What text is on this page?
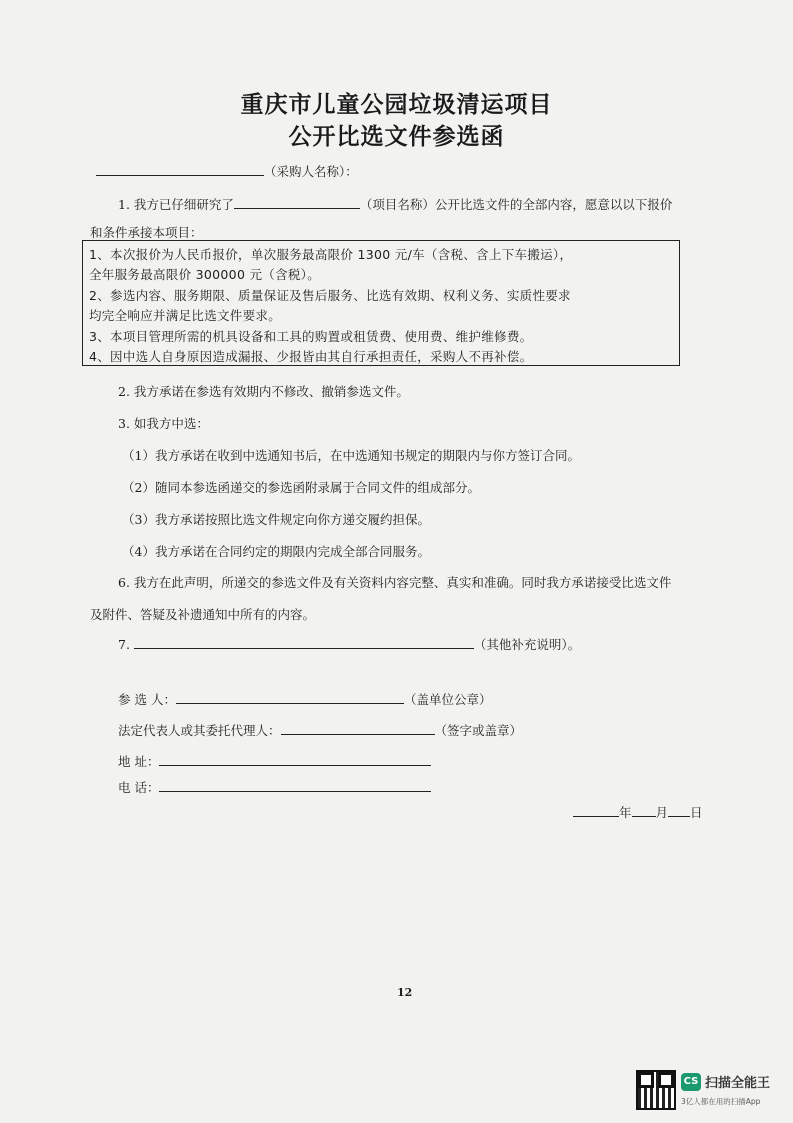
重庆市儿童公园垃圾清运项目
公开比选文件参选函
（采购人名称）：
1. 我方已仔细研究了	（项目名称）公开比选文件的全部内容，愿意以以下报价
和条件承接本项目：
1、本次报价为人民币报价，单次服务最高限价 1300 元/车（含税、含上下车搬运），
全年服务最高限价 300000 元（含税）。
2、参选内容、服务期限、质量保证及售后服务、比选有效期、权利义务、实质性要求
均完全响应并满足比选文件要求。
3、本项目管理所需的机具设备和工具的购置或租赁费、使用费、维护维修费。
4、因中选人自身原因造成漏报、少报皆由其自行承担责任，采购人不再补偿。
2. 我方承诺在参选有效期内不修改、撤销参选文件。
3. 如我方中选：
（1）我方承诺在收到中选通知书后，在中选通知书规定的期限内与你方签订合同。
（2）随同本参选函递交的参选函附录属于合同文件的组成部分。
（3）我方承诺按照比选文件规定向你方递交履约担保。
（4）我方承诺在合同约定的期限内完成全部合同服务。
6. 我方在此声明，所递交的参选文件及有关资料内容完整、真实和准确。同时我方承诺接受比选文件
及附件、答疑及补遗通知中所有的内容。
7.	（其他补充说明）。
参 选 人：	（盖单位公章）
法定代表人或其委托代理人：	（签字或盖章）
地 址：
电 话：
年 月 日
12
CS 扫描全能王
3亿人都在用的扫描App
